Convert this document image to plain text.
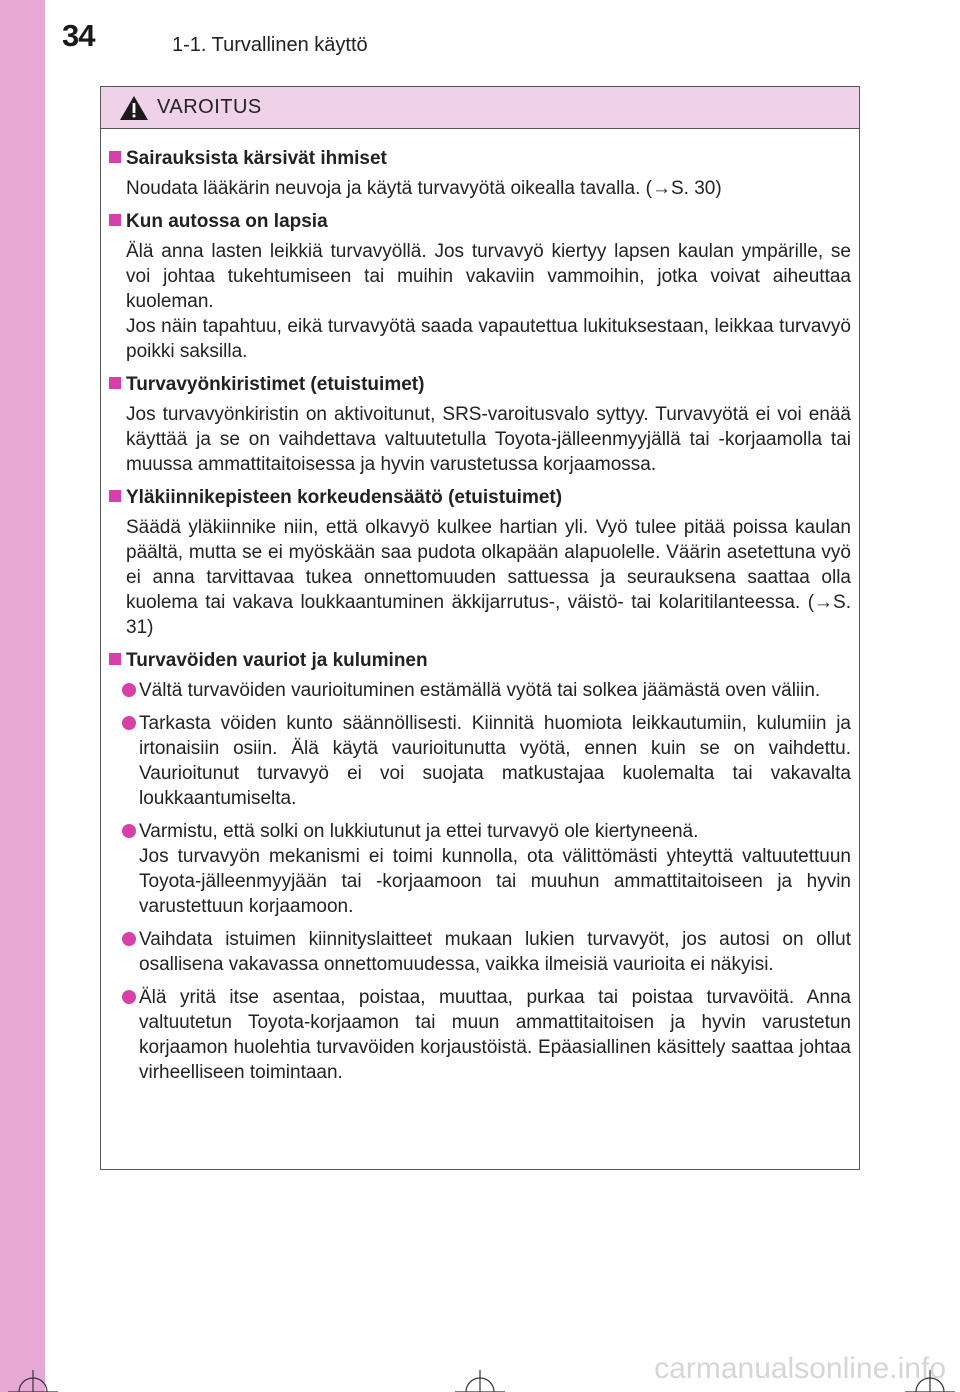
34	1-1. Turvallinen käyttö
VAROITUS

Sairauksista kärsivät ihmiset

Noudata lääkärin neuvoja ja käytä turvavyötä oikealla tavalla. (→S. 30)

Kun autossa on lapsia

Älä anna lasten leikkiä turvavyöllä. Jos turvavyö kiertyy lapsen kaulan ympärille, se voi johtaa tukehtumiseen tai muihin vakaviin vammoihin, jotka voivat aiheuttaa kuoleman.

Jos näin tapahtuu, eikä turvavyötä saada vapautettua lukituksestaan, leikkaa turvavyö poikki saksilla.

Turvavyönkiristimet (etuistuimet)

Jos turvavyönkiristin on aktivoitunut, SRS-varoitusvalo syttyy. Turvavyötä ei voi enää käyttää ja se on vaihdettava valtuutetulla Toyota-jälleenmyyjällä tai -korjaamolla tai muussa ammattitaitoisessa ja hyvin varustetussa korjaamossa.

Yläkiinnikepisteen korkeudensäätö (etuistuimet)

Säädä yläkiinnike niin, että olkavyö kulkee hartian yli. Vyö tulee pitää poissa kaulan päältä, mutta se ei myöskään saa pudota olkapään alapuolelle. Väärin asetettuna vyö ei anna tarvittavaa tukea onnettomuuden sattuessa ja seurauksena saattaa olla kuolema tai vakava loukkaantuminen äkkijarrutus-, väistö- tai kolaritilanteessa. (→S. 31)

Turvavöiden vauriot ja kuluminen

Vältä turvavöiden vaurioituminen estämällä vyötä tai solkea jäämästä oven väliin.

Tarkasta vöiden kunto säännöllisesti. Kiinnitä huomiota leikkautumiin, kulumiin ja irtonaisiin osiin. Älä käytä vaurioitunutta vyötä, ennen kuin se on vaihdettu. Vaurioitunut turvavyö ei voi suojata matkustajaa kuolemalta tai vakavalta loukkaantumiselta.

Varmistu, että solki on lukkiutunut ja ettei turvavyö ole kiertyneenä.

Jos turvavyön mekanismi ei toimi kunnolla, ota välittömästi yhteyttä valtuutettuun Toyota-jälleenmyyjään tai -korjaamoon tai muuhun ammattitaitoiseen ja hyvin varustettuun korjaamoon.

Vaihdata istuimen kiinnityslaitteet mukaan lukien turvavyöt, jos autosi on ollut osallisena vakavassa onnettomuudessa, vaikka ilmeisiä vaurioita ei näkyisi.

Älä yritä itse asentaa, poistaa, muuttaa, purkaa tai poistaa turvavöitä. Anna valtuutetun Toyota-korjaamon tai muun ammattitaitoisen ja hyvin varustetun korjaamon huolehtia turvavöiden korjaustöistä. Epäasiallinen käsittely saattaa johtaa virheelliseen toimintaan.

carmanualsonline.info
